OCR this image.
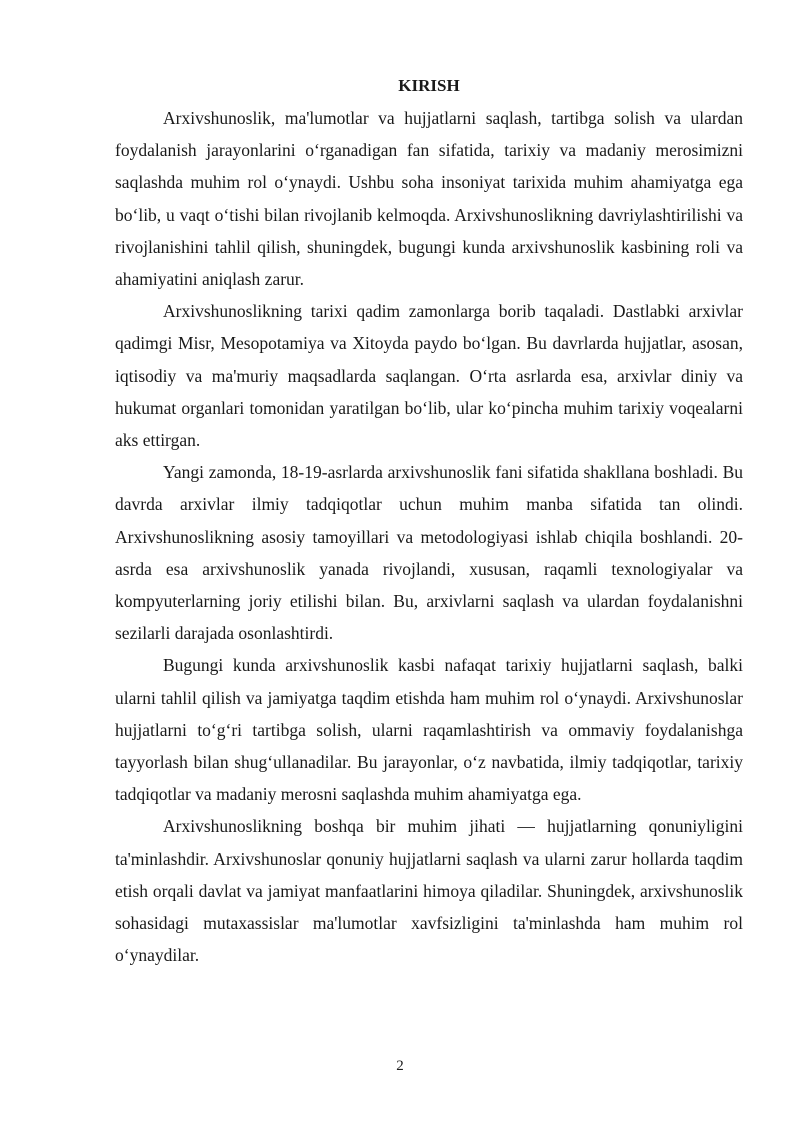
KIRISH

Arxivshunoslik, ma'lumotlar va hujjatlarni saqlash, tartibga solish va ulardan foydalanish jarayonlarini o‘rganadigan fan sifatida, tarixiy va madaniy merosimizni saqlashda muhim rol o‘ynaydi. Ushbu soha insoniyat tarixida muhim ahamiyatga ega bo‘lib, u vaqt o‘tishi bilan rivojlanib kelmoqda. Arxivshunoslikning davriylashtirilishi va rivojlanishini tahlil qilish, shuningdek, bugungi kunda arxivshunoslik kasbining roli va ahamiyatini aniqlash zarur.

Arxivshunoslikning tarixi qadim zamonlarga borib taqaladi. Dastlabki arxivlar qadimgi Misr, Mesopotamiya va Xitoyda paydo bo‘lgan. Bu davrlarda hujjatlar, asosan, iqtisodiy va ma'muriy maqsadlarda saqlangan. O‘rta asrlarda esa, arxivlar diniy va hukumat organlari tomonidan yaratilgan bo‘lib, ular ko‘pincha muhim tarixiy voqealarni aks ettirgan.

Yangi zamonda, 18-19-asrlarda arxivshunoslik fani sifatida shakllana boshladi. Bu davrda arxivlar ilmiy tadqiqotlar uchun muhim manba sifatida tan olindi. Arxivshunoslikning asosiy tamoyillari va metodologiyasi ishlab chiqila boshlandi. 20-asrda esa arxivshunoslik yanada rivojlandi, xususan, raqamli texnologiyalar va kompyuterlarning joriy etilishi bilan. Bu, arxivlarni saqlash va ulardan foydalanishni sezilarli darajada osonlashtirdi.

Bugungi kunda arxivshunoslik kasbi nafaqat tarixiy hujjatlarni saqlash, balki ularni tahlil qilish va jamiyatga taqdim etishda ham muhim rol o‘ynaydi. Arxivshunoslar hujjatlarni to‘g‘ri tartibga solish, ularni raqamlashtirish va ommaviy foydalanishga tayyorlash bilan shug‘ullanadilar. Bu jarayonlar, o‘z navbatida, ilmiy tadqiqotlar, tarixiy tadqiqotlar va madaniy merosni saqlashda muhim ahamiyatga ega.

Arxivshunoslikning boshqa bir muhim jihati — hujjatlarning qonuniyligini ta'minlashdir. Arxivshunoslar qonuniy hujjatlarni saqlash va ularni zarur hollarda taqdim etish orqali davlat va jamiyat manfaatlarini himoya qiladilar. Shuningdek, arxivshunoslik sohasidagi mutaxassislar ma'lumotlar xavfsizligini ta'minlashda ham muhim rol o‘ynaydilar.

2
